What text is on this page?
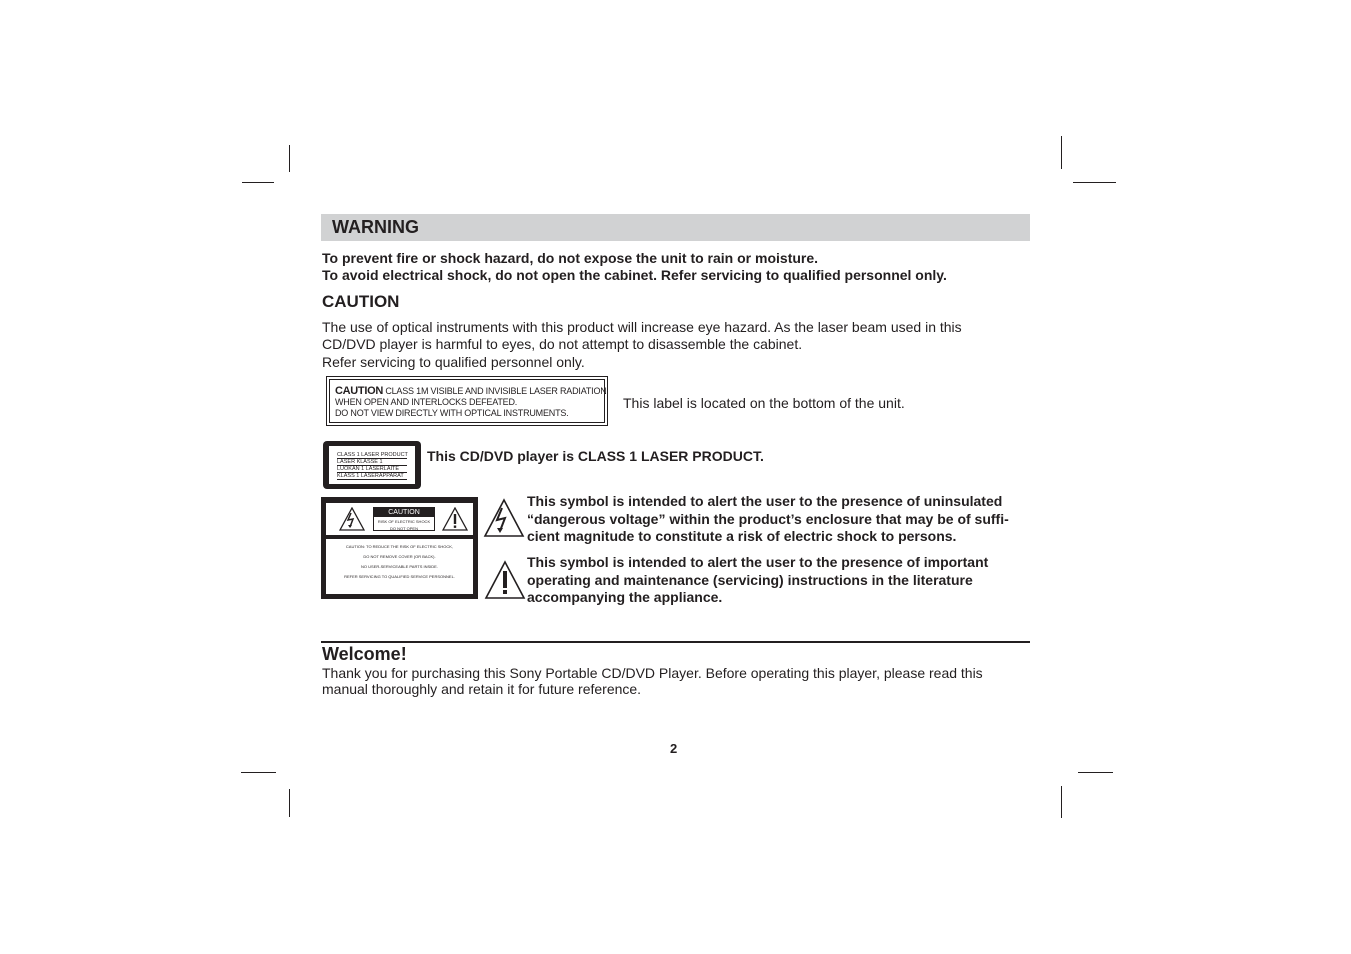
WARNING
To prevent fire or shock hazard, do not expose the unit to rain or moisture.
To avoid electrical shock, do not open the cabinet. Refer servicing to qualified personnel only.
CAUTION
The use of optical instruments with this product will increase eye hazard. As the laser beam used in this
CD/DVD player is harmful to eyes, do not attempt to disassemble the cabinet.
Refer servicing to qualified personnel only.
CAUTION CLASS 1M VISIBLE AND INVISIBLE LASER RADIATION
WHEN OPEN AND INTERLOCKS DEFEATED.
DO NOT VIEW DIRECTLY WITH OPTICAL INSTRUMENTS.
This label is located on the bottom of the unit.
CLASS 1 LASER PRODUCT
LASER KLASSE 1
LUOKAN 1 LASERLAITE
KLASS 1 LASERAPPARAT
This CD/DVD player is CLASS 1 LASER PRODUCT.
CAUTION
RISK OF ELECTRIC SHOCK
DO NOT OPEN
CAUTION: TO REDUCE THE RISK OF ELECTRIC SHOCK,
DO NOT REMOVE COVER (OR BACK).
NO USER-SERVICEABLE PARTS INSIDE.
REFER SERVICING TO QUALIFIED SERVICE PERSONNEL.
This symbol is intended to alert the user to the presence of uninsulated
“dangerous voltage” within the product’s enclosure that may be of suffi-
cient magnitude to constitute a risk of electric shock to persons.
This symbol is intended to alert the user to the presence of important
operating and maintenance (servicing) instructions in the literature
accompanying the appliance.
Welcome!
Thank you for purchasing this Sony Portable CD/DVD Player. Before operating this player, please read this
manual thoroughly and retain it for future reference.
2
